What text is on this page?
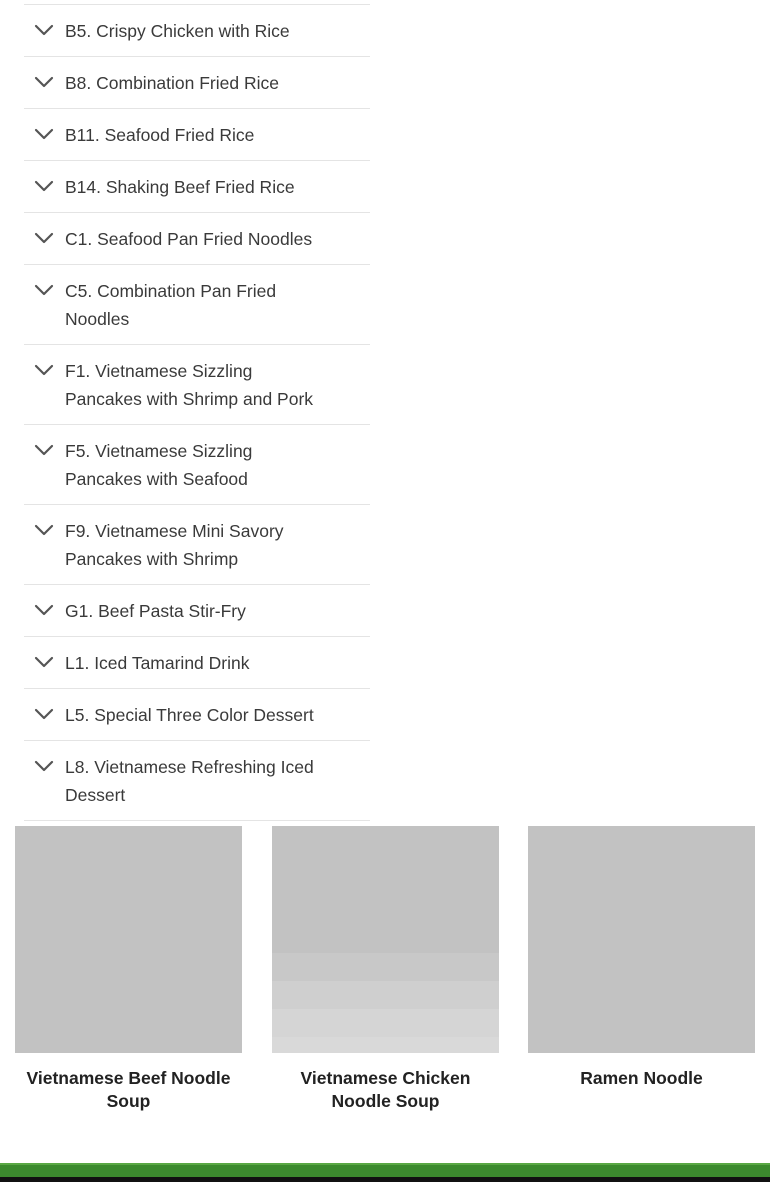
B5. Crispy Chicken with Rice
B8. Combination Fried Rice
B11. Seafood Fried Rice
B14. Shaking Beef Fried Rice
C1. Seafood Pan Fried Noodles
C5. Combination Pan Fried Noodles
F1. Vietnamese Sizzling Pancakes with Shrimp and Pork
F5. Vietnamese Sizzling Pancakes with Seafood
F9. Vietnamese Mini Savory Pancakes with Shrimp
G1. Beef Pasta Stir-Fry
L1. Iced Tamarind Drink
L5. Special Three Color Dessert
L8. Vietnamese Refreshing Iced Dessert
Vietnamese Beef Noodle Soup
Vietnamese Chicken Noodle Soup
Ramen Noodle
